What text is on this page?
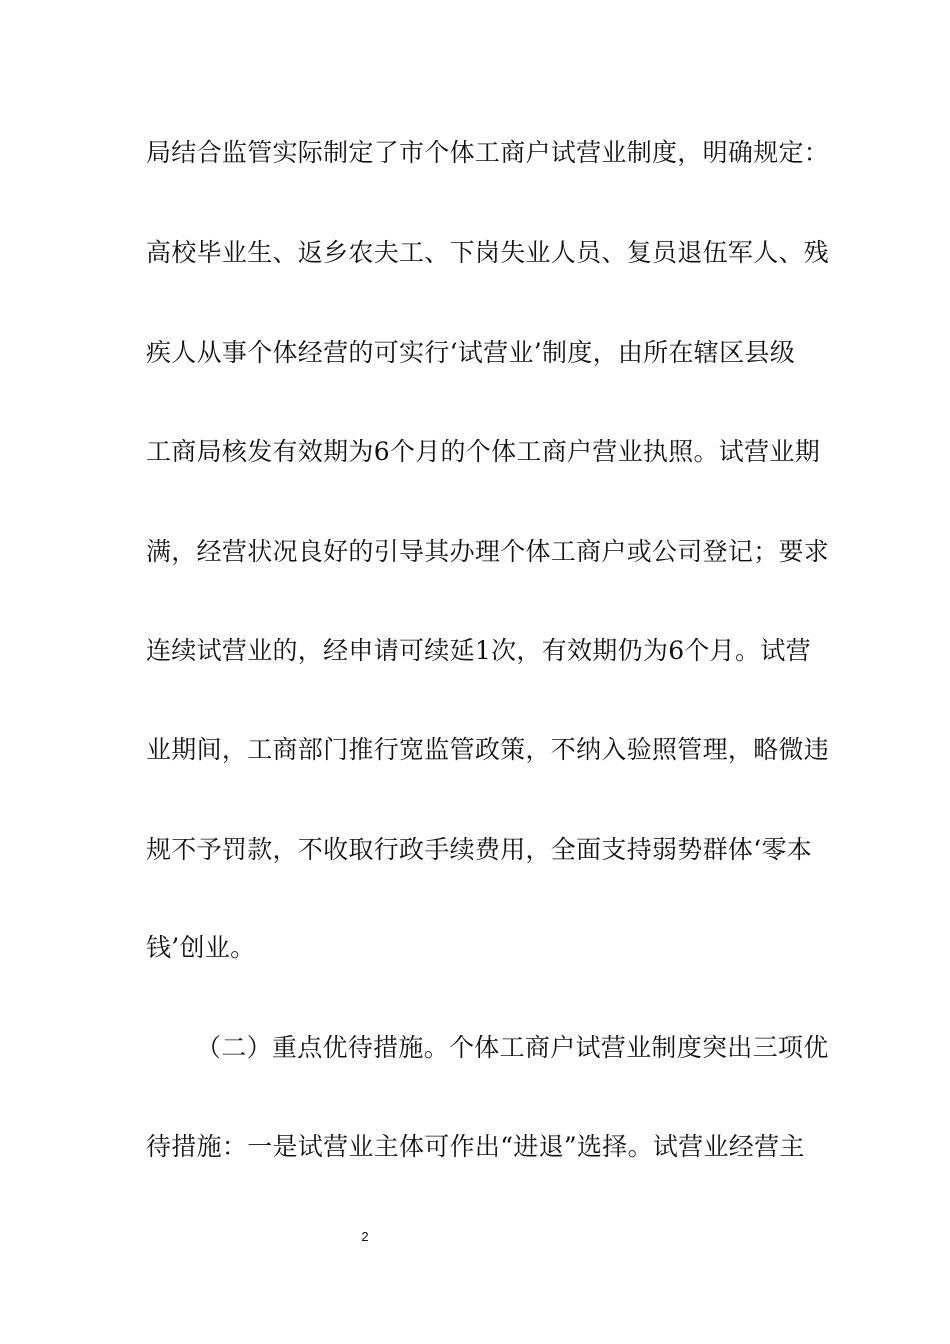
局结合监管实际制定了市个体工商户试营业制度，明确规定：
高校毕业生、返乡农夫工、下岗失业人员、复员退伍军人、残
疾人从事个体经营的可实行‘试营业’制度，由所在辖区县级
工商局核发有效期为6个月的个体工商户营业执照。试营业期
满，经营状况良好的引导其办理个体工商户或公司登记；要求
连续试营业的，经申请可续延1次，有效期仍为6个月。试营
业期间，工商部门推行宽监管政策，不纳入验照管理，略微违
规不予罚款，不收取行政手续费用，全面支持弱势群体‘零本
钱’创业。
（二）重点优待措施。个体工商户试营业制度突出三项优
待措施：一是试营业主体可作出“进退”选择。试营业经营主
2
